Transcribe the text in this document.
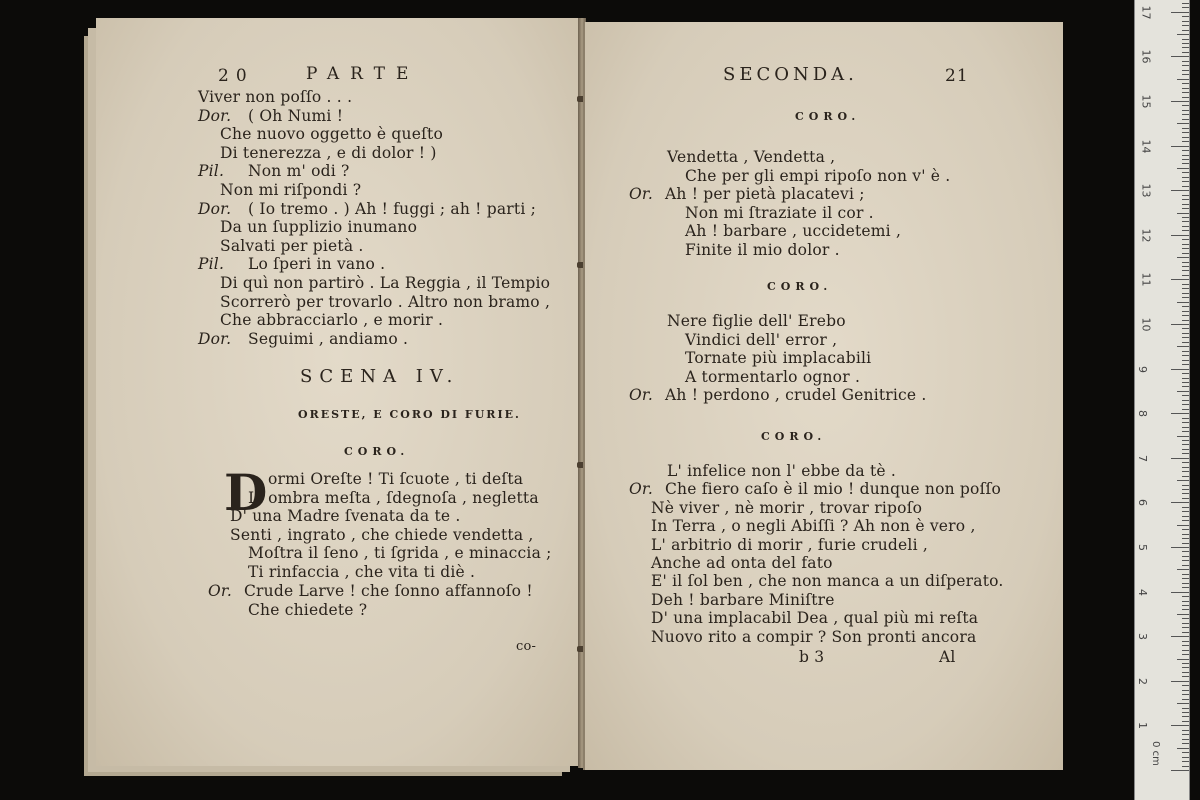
20	PARTE
Viver non poſſo . . .
Dor. ( Oh Numi !
Che nuovo oggetto è queſto
Di tenerezza , e di dolor ! )
Pil. Non m' odi ?
Non mi riſpondi ?
Dor. ( Io tremo . ) Ah ! fuggi ; ah ! parti ;
Da un ſupplizio inumano
Salvati per pietà .
Pil. Lo ſperi in vano .
Di quì non partirò . La Reggia , il Tempio
Scorrerò per trovarlo . Altro non bramo ,
Che abbracciarlo , e morir .
Dor. Seguimi , andiamo .
SCENA IV.
ORESTE, E CORO DI FURIE.
CORO.
D ormi Oreſte ! Ti ſcuote , ti deſta
L' ombra meſta , ſdegnoſa , negletta
D' una Madre ſvenata da te .
Senti , ingrato , che chiede vendetta ,
Moſtra il ſeno , ti ſgrida , e minaccia ;
Ti rinfaccia , che vita ti diè .
Or. Crude Larve ! che ſonno affannoſo !
Che chiedete ?
co-
SECONDA.	21
CORO.
Vendetta , Vendetta ,
Che per gli empi ripoſo non v' è .
Or. Ah ! per pietà placatevi ;
Non mi ſtraziate il cor .
Ah ! barbare , uccidetemi ,
Finite il mio dolor .
CORO.
Nere figlie dell' Erebo
Vindici dell' error ,
Tornate più implacabili
A tormentarlo ognor .
Or. Ah ! perdono , crudel Genitrice .
CORO.
L' infelice non l' ebbe da tè .
Or. Che fiero caſo è il mio ! dunque non poſſo
Nè viver , nè morir , trovar ripoſo
In Terra , o negli Abiſſi ? Ah non è vero ,
L' arbitrio di morir , furie crudeli ,
Anche ad onta del fato
E' il ſol ben , che non manca a un diſperato.
Deh ! barbare Miniſtre
D' una implacabil Dea , qual più mi reſta
Nuovo rito a compir ? Son pronti ancora
b 3	Al
0 cm
1
2
3
4
5
6
7
8
9
10
11
12
13
14
15
16
17
